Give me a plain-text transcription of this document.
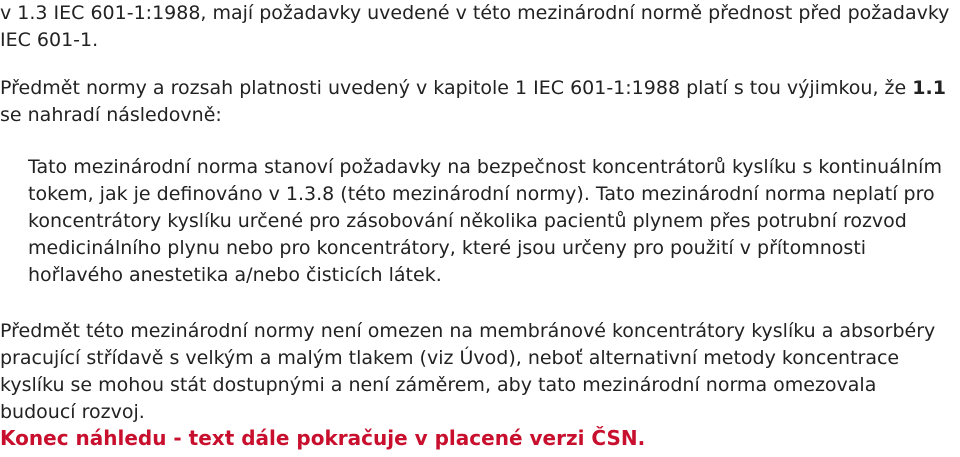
v 1.3 IEC 601-1:1988, mají požadavky uvedené v této mezinárodní normě přednost před požadavky IEC 601-1.

Předmět normy a rozsah platnosti uvedený v kapitole 1 IEC 601-1:1988 platí s tou výjimkou, že 1.1 se nahradí následovně:

Tato mezinárodní norma stanoví požadavky na bezpečnost koncentrátorů kyslíku s kontinuálním tokem, jak je definováno v 1.3.8 (této mezinárodní normy). Tato mezinárodní norma neplatí pro koncentrátory kyslíku určené pro zásobování několika pacientů plynem přes potrubní rozvod medicinálního plynu nebo pro koncentrátory, které jsou určeny pro použití v přítomnosti hořlavého anestetika a/nebo čisticích látek.

Předmět této mezinárodní normy není omezen na membránové koncentrátory kyslíku a absorbéry pracující střídavě s velkým a malým tlakem (viz Úvod), neboť alternativní metody koncentrace kyslíku se mohou stát dostupnými a není záměrem, aby tato mezinárodní norma omezovala budoucí rozvoj.

Konec náhledu - text dále pokračuje v placené verzi ČSN.
